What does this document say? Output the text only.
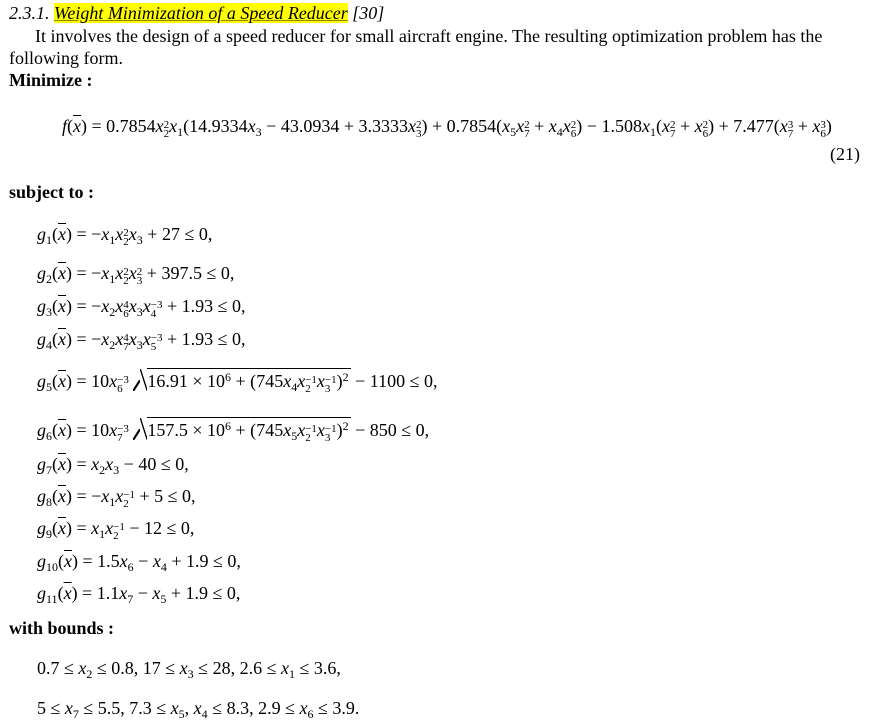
2.3.1. Weight Minimization of a Speed Reducer [30]
It involves the design of a speed reducer for small aircraft engine. The resulting optimization problem has the
following form.
Minimize :
$f(\overline{x}) = 0.7854x$ 2
2 $x_1(14.9334x_3 - 43.0934 + 3.3333x$ 2
3 ) + $0.7854(x_5x$ 2
$7 + x_4x$ 2
6 ) − $1.508x_1(x$ 2
7 + x 2
6 ) + 7.477(x 3
7 + x 3
6 )
(21)
subject to :
$g_1(\overline{x}) = -x_1x$ 2
2 $x_3 + 27 \le 0$,
$g_2(\overline{x}) = -x_1x$ 2
2 x 2
3 + 397.5 ≤ 0,
$g_3(\overline{x}) = -x_2x$ 4
6 $x_3x -3$
4 + 1.93 ≤ 0,
$g_4(\overline{x}) = -x_2x$ 4
7 $x_3x -3$
5 + 1.93 ≤ 0,
$g_5(\overline{x}) = 10x -3$
6	$16.91 \times 10^6 + (745x_4x -1$
2 x −1
3 )$^2$ − 1100 ≤ 0,
$g_6(\overline{x}) = 10x -3$
7	$157.5 \times 10^6 + (745x_5x -1$
2 x −1
3 )$^2$ − 850 ≤ 0,
$g_7(\overline{x}) = x_2x_3 - 40 \le 0$,
$g_8(\overline{x}) = -x_1x -1$
2 + 5 ≤ 0,
$g_9(\overline{x}) = x_1x -1$
2 − 12 ≤ 0,
$g_{10}(\overline{x}) = 1.5x_6 - x_4 + 1.9 \le 0$,
$g_{11}(\overline{x}) = 1.1x_7 - x_5 + 1.9 \le 0$,
with bounds :
$0.7 \le x_2 \le 0.8$, $17 \le x_3 \le 28$, $2.6 \le x_1 \le 3.6$,
$5 \le x_7 \le 5.5$, $7.3 \le x_5$, $x_4 \le 8.3$, $2.9 \le x_6 \le 3.9$.
